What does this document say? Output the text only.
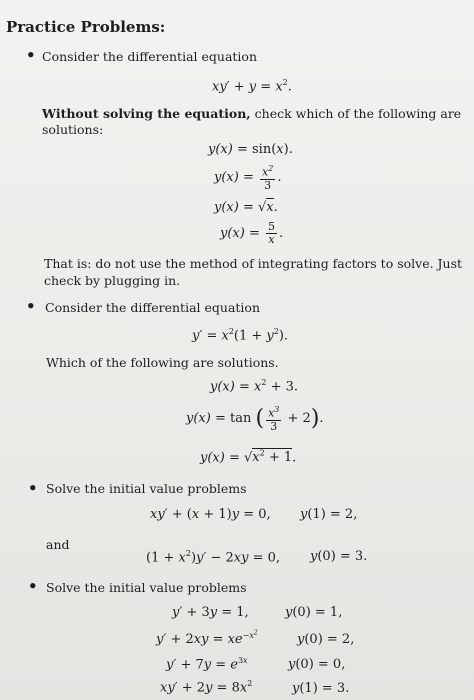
Practice Problems:
• Consider the differential equation
$xy' + y = x^2$.
Without solving the equation, check which of the following are
solutions:
y(x) = sin(x).
$y(x) = \frac{x^2}{3}$ .
y(x) = √x.
$y(x) = \frac{5}{x}$ .
That is: do not use the method of integrating factors to solve. Just check by plugging in.
• Consider the differential equation
$y' = x^2(1 + y^2)$.
Which of the following are solutions.
$y(x) = x^2 + 3$.
y(x) = tan ( $\frac{x^3}{3} + 2$).
$y(x) = √x^2 + 1$.
• Solve the initial value problems
xy′ + (x + 1)y = 0, y(1) = 2,
and
$(1 + x^2)y' - 2xy = 0$, y(0) = 3.
• Solve the initial value problems
y′ + 3y = 1,	y(0) = 1,
$y' + 2xy = xe^{-x^2}$	y(0) = 2,
$y' + 7y = e^{3x}$	y(0) = 0,
$xy' + 2y = 8x^2$	y(1) = 3.
